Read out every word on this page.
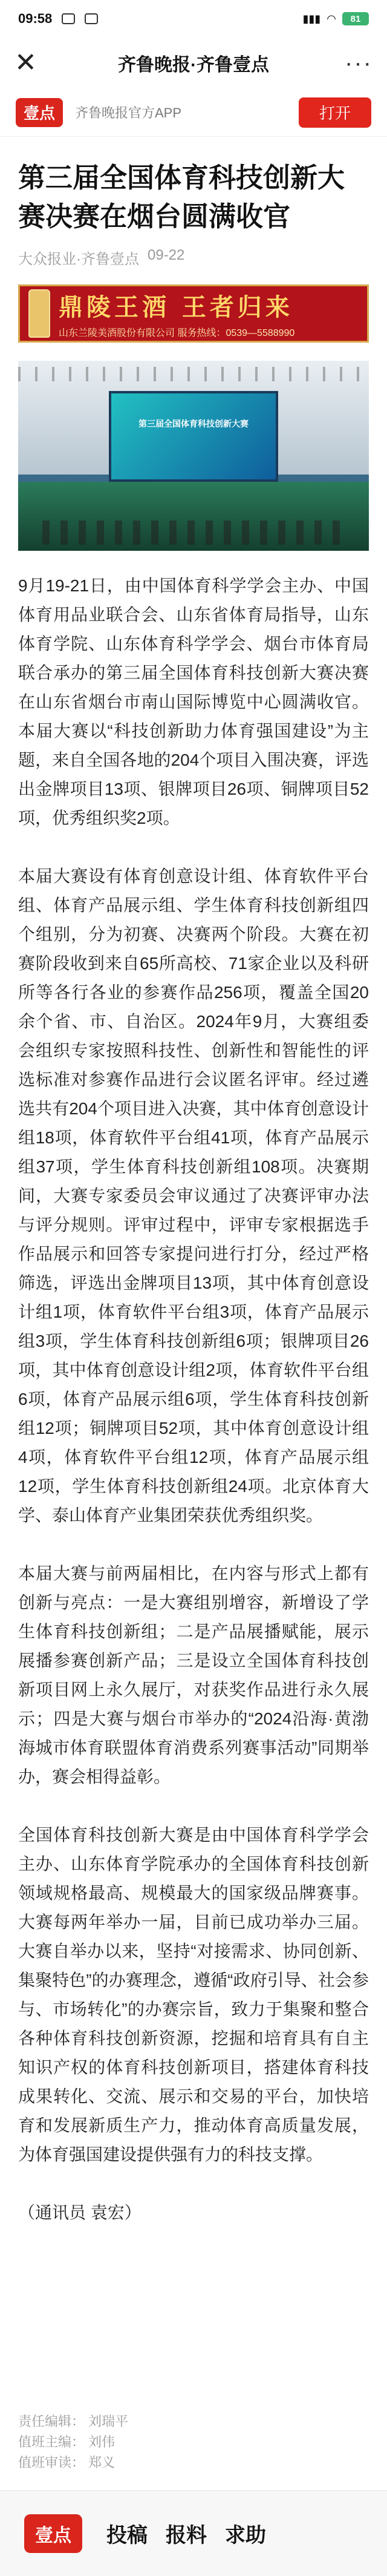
09:58	▮▮▮ ◠	81
✕	齐鲁晚报·齐鲁壹点	···
壹点	齐鲁晚报官方APP	打开
第三届全国体育科技创新大赛决赛在烟台圆满收官
大众报业·齐鲁壹点 09-22
鼎陵王酒 王者归来
山东兰陵美酒股份有限公司 服务热线：0539—5588990
第三届全国体育科技创新大赛

9月19-21日，由中国体育科学学会主办、中国体育用品业联合会、山东省体育局指导，山东体育学院、山东体育科学学会、烟台市体育局联合承办的第三届全国体育科技创新大赛决赛在山东省烟台市南山国际博览中心圆满收官。本届大赛以“科技创新助力体育强国建设”为主题，来自全国各地的204个项目入围决赛，评选出金牌项目13项、银牌项目26项、铜牌项目52项，优秀组织奖2项。

本届大赛设有体育创意设计组、体育软件平台组、体育产品展示组、学生体育科技创新组四个组别，分为初赛、决赛两个阶段。大赛在初赛阶段收到来自65所高校、71家企业以及科研所等各行各业的参赛作品256项，覆盖全国20余个省、市、自治区。2024年9月，大赛组委会组织专家按照科技性、创新性和智能性的评选标准对参赛作品进行会议匿名评审。经过遴选共有204个项目进入决赛，其中体育创意设计组18项，体育软件平台组41项，体育产品展示组37项，学生体育科技创新组108项。决赛期间，大赛专家委员会审议通过了决赛评审办法与评分规则。评审过程中，评审专家根据选手作品展示和回答专家提问进行打分，经过严格筛选，评选出金牌项目13项，其中体育创意设计组1项，体育软件平台组3项，体育产品展示组3项，学生体育科技创新组6项；银牌项目26项，其中体育创意设计组2项，体育软件平台组6项，体育产品展示组6项，学生体育科技创新组12项；铜牌项目52项，其中体育创意设计组4项，体育软件平台组12项，体育产品展示组12项，学生体育科技创新组24项。北京体育大学、泰山体育产业集团荣获优秀组织奖。

本届大赛与前两届相比，在内容与形式上都有创新与亮点：一是大赛组别增容，新增设了学生体育科技创新组；二是产品展播赋能，展示展播参赛创新产品；三是设立全国体育科技创新项目网上永久展厅，对获奖作品进行永久展示；四是大赛与烟台市举办的“2024沿海·黄渤海城市体育联盟体育消费系列赛事活动”同期举办，赛会相得益彰。

全国体育科技创新大赛是由中国体育科学学会主办、山东体育学院承办的全国体育科技创新领域规格最高、规模最大的国家级品牌赛事。大赛每两年举办一届，目前已成功举办三届。大赛自举办以来，坚持“对接需求、协同创新、集聚特色”的办赛理念，遵循“政府引导、社会参与、市场转化”的办赛宗旨，致力于集聚和整合各种体育科技创新资源，挖掘和培育具有自主知识产权的体育科技创新项目，搭建体育科技成果转化、交流、展示和交易的平台，加快培育和发展新质生产力，推动体育高质量发展，为体育强国建设提供强有力的科技支撑。

（通讯员 袁宏）

责任编辑： 刘瑞平
值班主编： 刘伟
值班审读： 郑义
壹点	投稿 报料 求助
